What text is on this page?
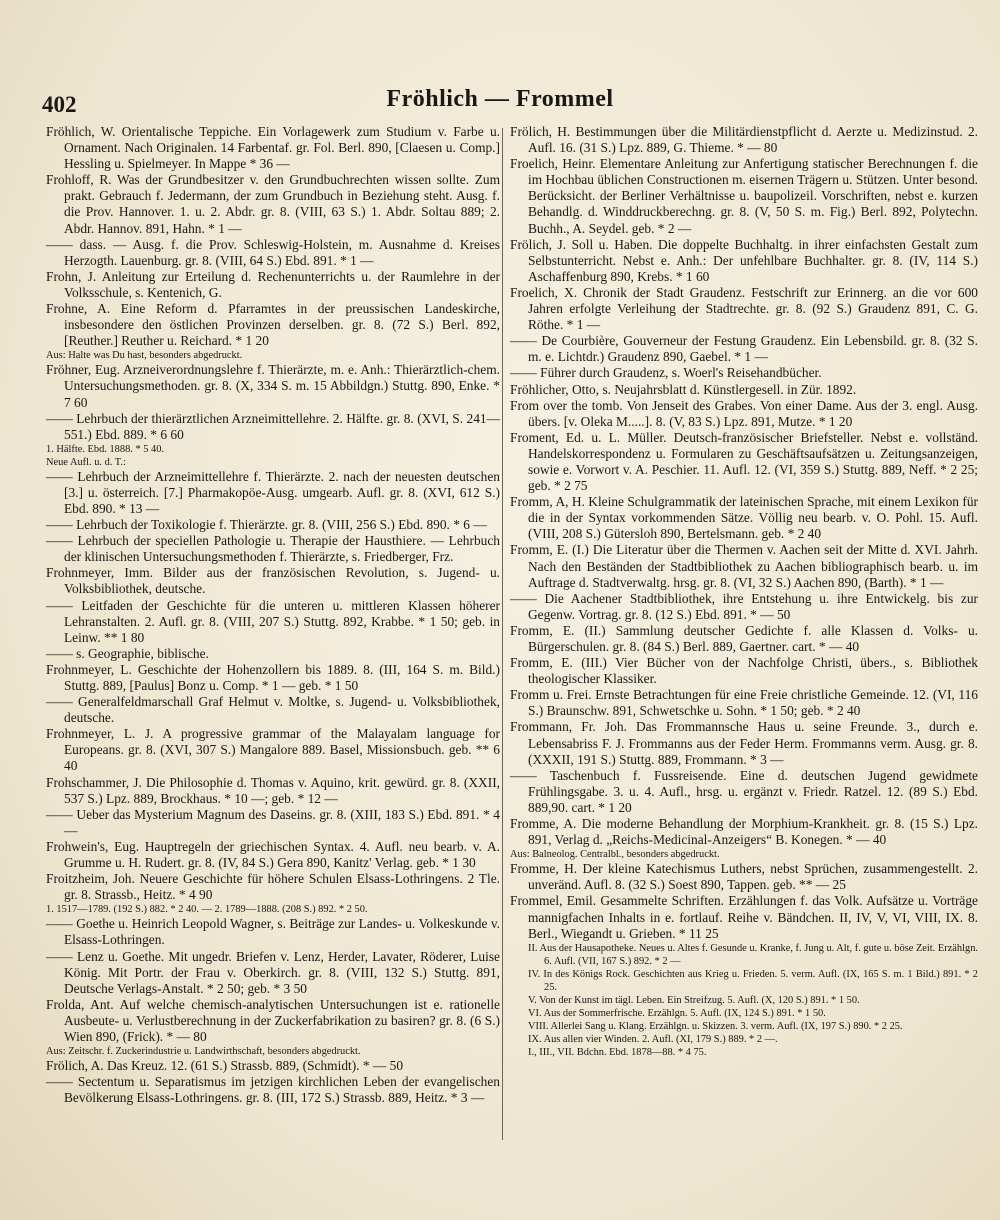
402	Fröhlich — Frommel

Fröhlich, W. Orientalische Teppiche. Ein Vorlagewerk zum Studium v. Farbe u. Ornament. Nach Originalen. 14 Farbentaf. gr. Fol. Berl. 890, [Claesen u. Comp.] Hessling u. Spielmeyer. In Mappe * 36 —

Frohloff, R. Was der Grundbesitzer v. den Grundbuchrechten wissen sollte. Zum prakt. Gebrauch f. Jedermann, der zum Grundbuch in Beziehung steht. Ausg. f. die Prov. Hannover. 1. u. 2. Abdr. gr. 8. (VIII, 63 S.) 1. Abdr. Soltau 889; 2. Abdr. Hannov. 891, Hahn. * 1 —

—— dass. — Ausg. f. die Prov. Schleswig-Holstein, m. Ausnahme d. Kreises Herzogth. Lauenburg. gr. 8. (VIII, 64 S.) Ebd. 891. * 1 —

Frohn, J. Anleitung zur Erteilung d. Rechenunterrichts u. der Raumlehre in der Volksschule, s. Kentenich, G.

Frohne, A. Eine Reform d. Pfarramtes in der preussischen Landeskirche, insbesondere den östlichen Provinzen derselben. gr. 8. (72 S.) Berl. 892, [Reuther.] Reuther u. Reichard. * 1 20

Aus: Halte was Du hast, besonders abgedruckt.

Fröhner, Eug. Arzneiverordnungslehre f. Thierärzte, m. e. Anh.: Thierärztlich-chem. Untersuchungsmethoden. gr. 8. (X, 334 S. m. 15 Abbildgn.) Stuttg. 890, Enke. * 7 60

—— Lehrbuch der thierärztlichen Arzneimittellehre. 2. Hälfte. gr. 8. (XVI, S. 241—551.) Ebd. 889. * 6 60

1. Hälfte. Ebd. 1888. * 5 40.

Neue Aufl. u. d. T.:

—— Lehrbuch der Arzneimittellehre f. Thierärzte. 2. nach der neuesten deutschen [3.] u. österreich. [7.] Pharmakopöe-Ausg. umgearb. Aufl. gr. 8. (XVI, 612 S.) Ebd. 890. * 13 —

—— Lehrbuch der Toxikologie f. Thierärzte. gr. 8. (VIII, 256 S.) Ebd. 890. * 6 —

—— Lehrbuch der speciellen Pathologie u. Therapie der Hausthiere. — Lehrbuch der klinischen Untersuchungsmethoden f. Thierärzte, s. Friedberger, Frz.

Frohnmeyer, Imm. Bilder aus der französischen Revolution, s. Jugend- u. Volksbibliothek, deutsche.

—— Leitfaden der Geschichte für die unteren u. mittleren Klassen höherer Lehranstalten. 2. Aufl. gr. 8. (VIII, 207 S.) Stuttg. 892, Krabbe. * 1 50; geb. in Leinw. ** 1 80

—— s. Geographie, biblische.

Frohnmeyer, L. Geschichte der Hohenzollern bis 1889. 8. (III, 164 S. m. Bild.) Stuttg. 889, [Paulus] Bonz u. Comp. * 1 — geb. * 1 50

—— Generalfeldmarschall Graf Helmut v. Moltke, s. Jugend- u. Volksbibliothek, deutsche.

Frohnmeyer, L. J. A progressive grammar of the Malayalam language for Europeans. gr. 8. (XVI, 307 S.) Mangalore 889. Basel, Missionsbuch. geb. ** 6 40

Frohschammer, J. Die Philosophie d. Thomas v. Aquino, krit. gewürd. gr. 8. (XXII, 537 S.) Lpz. 889, Brockhaus. * 10 —; geb. * 12 —

—— Ueber das Mysterium Magnum des Daseins. gr. 8. (XIII, 183 S.) Ebd. 891. * 4 —

Frohwein's, Eug. Hauptregeln der griechischen Syntax. 4. Aufl. neu bearb. v. A. Grumme u. H. Rudert. gr. 8. (IV, 84 S.) Gera 890, Kanitz' Verlag. geb. * 1 30

Froitzheim, Joh. Neuere Geschichte für höhere Schulen Elsass-Lothringens. 2 Tle. gr. 8. Strassb., Heitz. * 4 90

1. 1517—1789. (192 S.) 882. * 2 40. — 2. 1789—1888. (208 S.) 892. * 2 50.

—— Goethe u. Heinrich Leopold Wagner, s. Beiträge zur Landes- u. Volkeskunde v. Elsass-Lothringen.

—— Lenz u. Goethe. Mit ungedr. Briefen v. Lenz, Herder, Lavater, Röderer, Luise König. Mit Portr. der Frau v. Oberkirch. gr. 8. (VIII, 132 S.) Stuttg. 891, Deutsche Verlags-Anstalt. * 2 50; geb. * 3 50

Frolda, Ant. Auf welche chemisch-analytischen Untersuchungen ist e. rationelle Ausbeute- u. Verlustberechnung in der Zuckerfabrikation zu basiren? gr. 8. (6 S.) Wien 890, (Frick). * — 80

Aus: Zeitschr. f. Zuckerindustrie u. Landwirthschaft, besonders abgedruckt.

Frölich, A. Das Kreuz. 12. (61 S.) Strassb. 889, (Schmidt). * — 50

—— Sectentum u. Separatismus im jetzigen kirchlichen Leben der evangelischen Bevölkerung Elsass-Lothringens. gr. 8. (III, 172 S.) Strassb. 889, Heitz. * 3 —

Frölich, H. Bestimmungen über die Militärdienstpflicht d. Aerzte u. Medizinstud. 2. Aufl. 16. (31 S.) Lpz. 889, G. Thieme. * — 80

Froelich, Heinr. Elementare Anleitung zur Anfertigung statischer Berechnungen f. die im Hochbau üblichen Constructionen m. eisernen Trägern u. Stützen. Unter besond. Berücksicht. der Berliner Verhältnisse u. baupolizeil. Vorschriften, nebst e. kurzen Behandlg. d. Winddruckberechng. gr. 8. (V, 50 S. m. Fig.) Berl. 892, Polytechn. Buchh., A. Seydel. geb. * 2 —

Frölich, J. Soll u. Haben. Die doppelte Buchhaltg. in ihrer einfachsten Gestalt zum Selbstunterricht. Nebst e. Anh.: Der unfehlbare Buchhalter. gr. 8. (IV, 114 S.) Aschaffenburg 890, Krebs. * 1 60

Froelich, X. Chronik der Stadt Graudenz. Festschrift zur Erinnerg. an die vor 600 Jahren erfolgte Verleihung der Stadtrechte. gr. 8. (92 S.) Graudenz 891, C. G. Röthe. * 1 —

—— De Courbière, Gouverneur der Festung Graudenz. Ein Lebensbild. gr. 8. (32 S. m. e. Lichtdr.) Graudenz 890, Gaebel. * 1 —

—— Führer durch Graudenz, s. Woerl's Reisehandbücher.

Fröhlicher, Otto, s. Neujahrsblatt d. Künstlergesell. in Zür. 1892.

From over the tomb. Von Jenseit des Grabes. Von einer Dame. Aus der 3. engl. Ausg. übers. [v. Oleka M.....]. 8. (V, 83 S.) Lpz. 891, Mutze. * 1 20

Froment, Ed. u. L. Müller. Deutsch-französischer Briefsteller. Nebst e. vollständ. Handelskorrespondenz u. Formularen zu Geschäftsaufsätzen u. Zeitungsanzeigen, sowie e. Vorwort v. A. Peschier. 11. Aufl. 12. (VI, 359 S.) Stuttg. 889, Neff. * 2 25; geb. * 2 75

Fromm, A, H. Kleine Schulgrammatik der lateinischen Sprache, mit einem Lexikon für die in der Syntax vorkommenden Sätze. Völlig neu bearb. v. O. Pohl. 15. Aufl. (VIII, 208 S.) Gütersloh 890, Bertelsmann. geb. * 2 40

Fromm, E. (I.) Die Literatur über die Thermen v. Aachen seit der Mitte d. XVI. Jahrh. Nach den Beständen der Stadtbibliothek zu Aachen bibliographisch bearb. u. im Auftrage d. Stadtverwaltg. hrsg. gr. 8. (VI, 32 S.) Aachen 890, (Barth). * 1 —

—— Die Aachener Stadtbibliothek, ihre Entstehung u. ihre Entwickelg. bis zur Gegenw. Vortrag. gr. 8. (12 S.) Ebd. 891. * — 50

Fromm, E. (II.) Sammlung deutscher Gedichte f. alle Klassen d. Volks- u. Bürgerschulen. gr. 8. (84 S.) Berl. 889, Gaertner. cart. * — 40

Fromm, E. (III.) Vier Bücher von der Nachfolge Christi, übers., s. Bibliothek theologischer Klassiker.

Fromm u. Frei. Ernste Betrachtungen für eine Freie christliche Gemeinde. 12. (VI, 116 S.) Braunschw. 891, Schwetschke u. Sohn. * 1 50; geb. * 2 40

Frommann, Fr. Joh. Das Frommannsche Haus u. seine Freunde. 3., durch e. Lebensabriss F. J. Frommanns aus der Feder Herm. Frommanns verm. Ausg. gr. 8. (XXXII, 191 S.) Stuttg. 889, Frommann. * 3 —

—— Taschenbuch f. Fussreisende. Eine d. deutschen Jugend gewidmete Frühlingsgabe. 3. u. 4. Aufl., hrsg. u. ergänzt v. Friedr. Ratzel. 12. (89 S.) Ebd. 889,90. cart. * 1 20

Fromme, A. Die moderne Behandlung der Morphium-Krankheit. gr. 8. (15 S.) Lpz. 891, Verlag d. „Reichs-Medicinal-Anzeigers“ B. Konegen. * — 40

Aus: Balneolog. Centralbl., besonders abgedruckt.

Fromme, H. Der kleine Katechismus Luthers, nebst Sprüchen, zusammengestellt. 2. unveränd. Aufl. 8. (32 S.) Soest 890, Tappen. geb. ** — 25

Frommel, Emil. Gesammelte Schriften. Erzählungen f. das Volk. Aufsätze u. Vorträge mannigfachen Inhalts in e. fortlauf. Reihe v. Bändchen. II, IV, V, VI, VIII, IX. 8. Berl., Wiegandt u. Grieben. * 11 25

II. Aus der Hausapotheke. Neues u. Altes f. Gesunde u. Kranke, f. Jung u. Alt, f. gute u. böse Zeit. Erzählgn. 6. Aufl. (VII, 167 S.) 892. * 2 —

IV. In des Königs Rock. Geschichten aus Krieg u. Frieden. 5. verm. Aufl. (IX, 165 S. m. 1 Bild.) 891. * 2 25.

V. Von der Kunst im tägl. Leben. Ein Streifzug. 5. Aufl. (X, 120 S.) 891. * 1 50.

VI. Aus der Sommerfrische. Erzählgn. 5. Aufl. (IX, 124 S.) 891. * 1 50.

VIII. Allerlei Sang u. Klang. Erzählgn. u. Skizzen. 3. verm. Aufl. (IX, 197 S.) 890. * 2 25.

IX. Aus allen vier Winden. 2. Aufl. (XI, 179 S.) 889. * 2 —.

I., III., VII. Bdchn. Ebd. 1878—88. * 4 75.
